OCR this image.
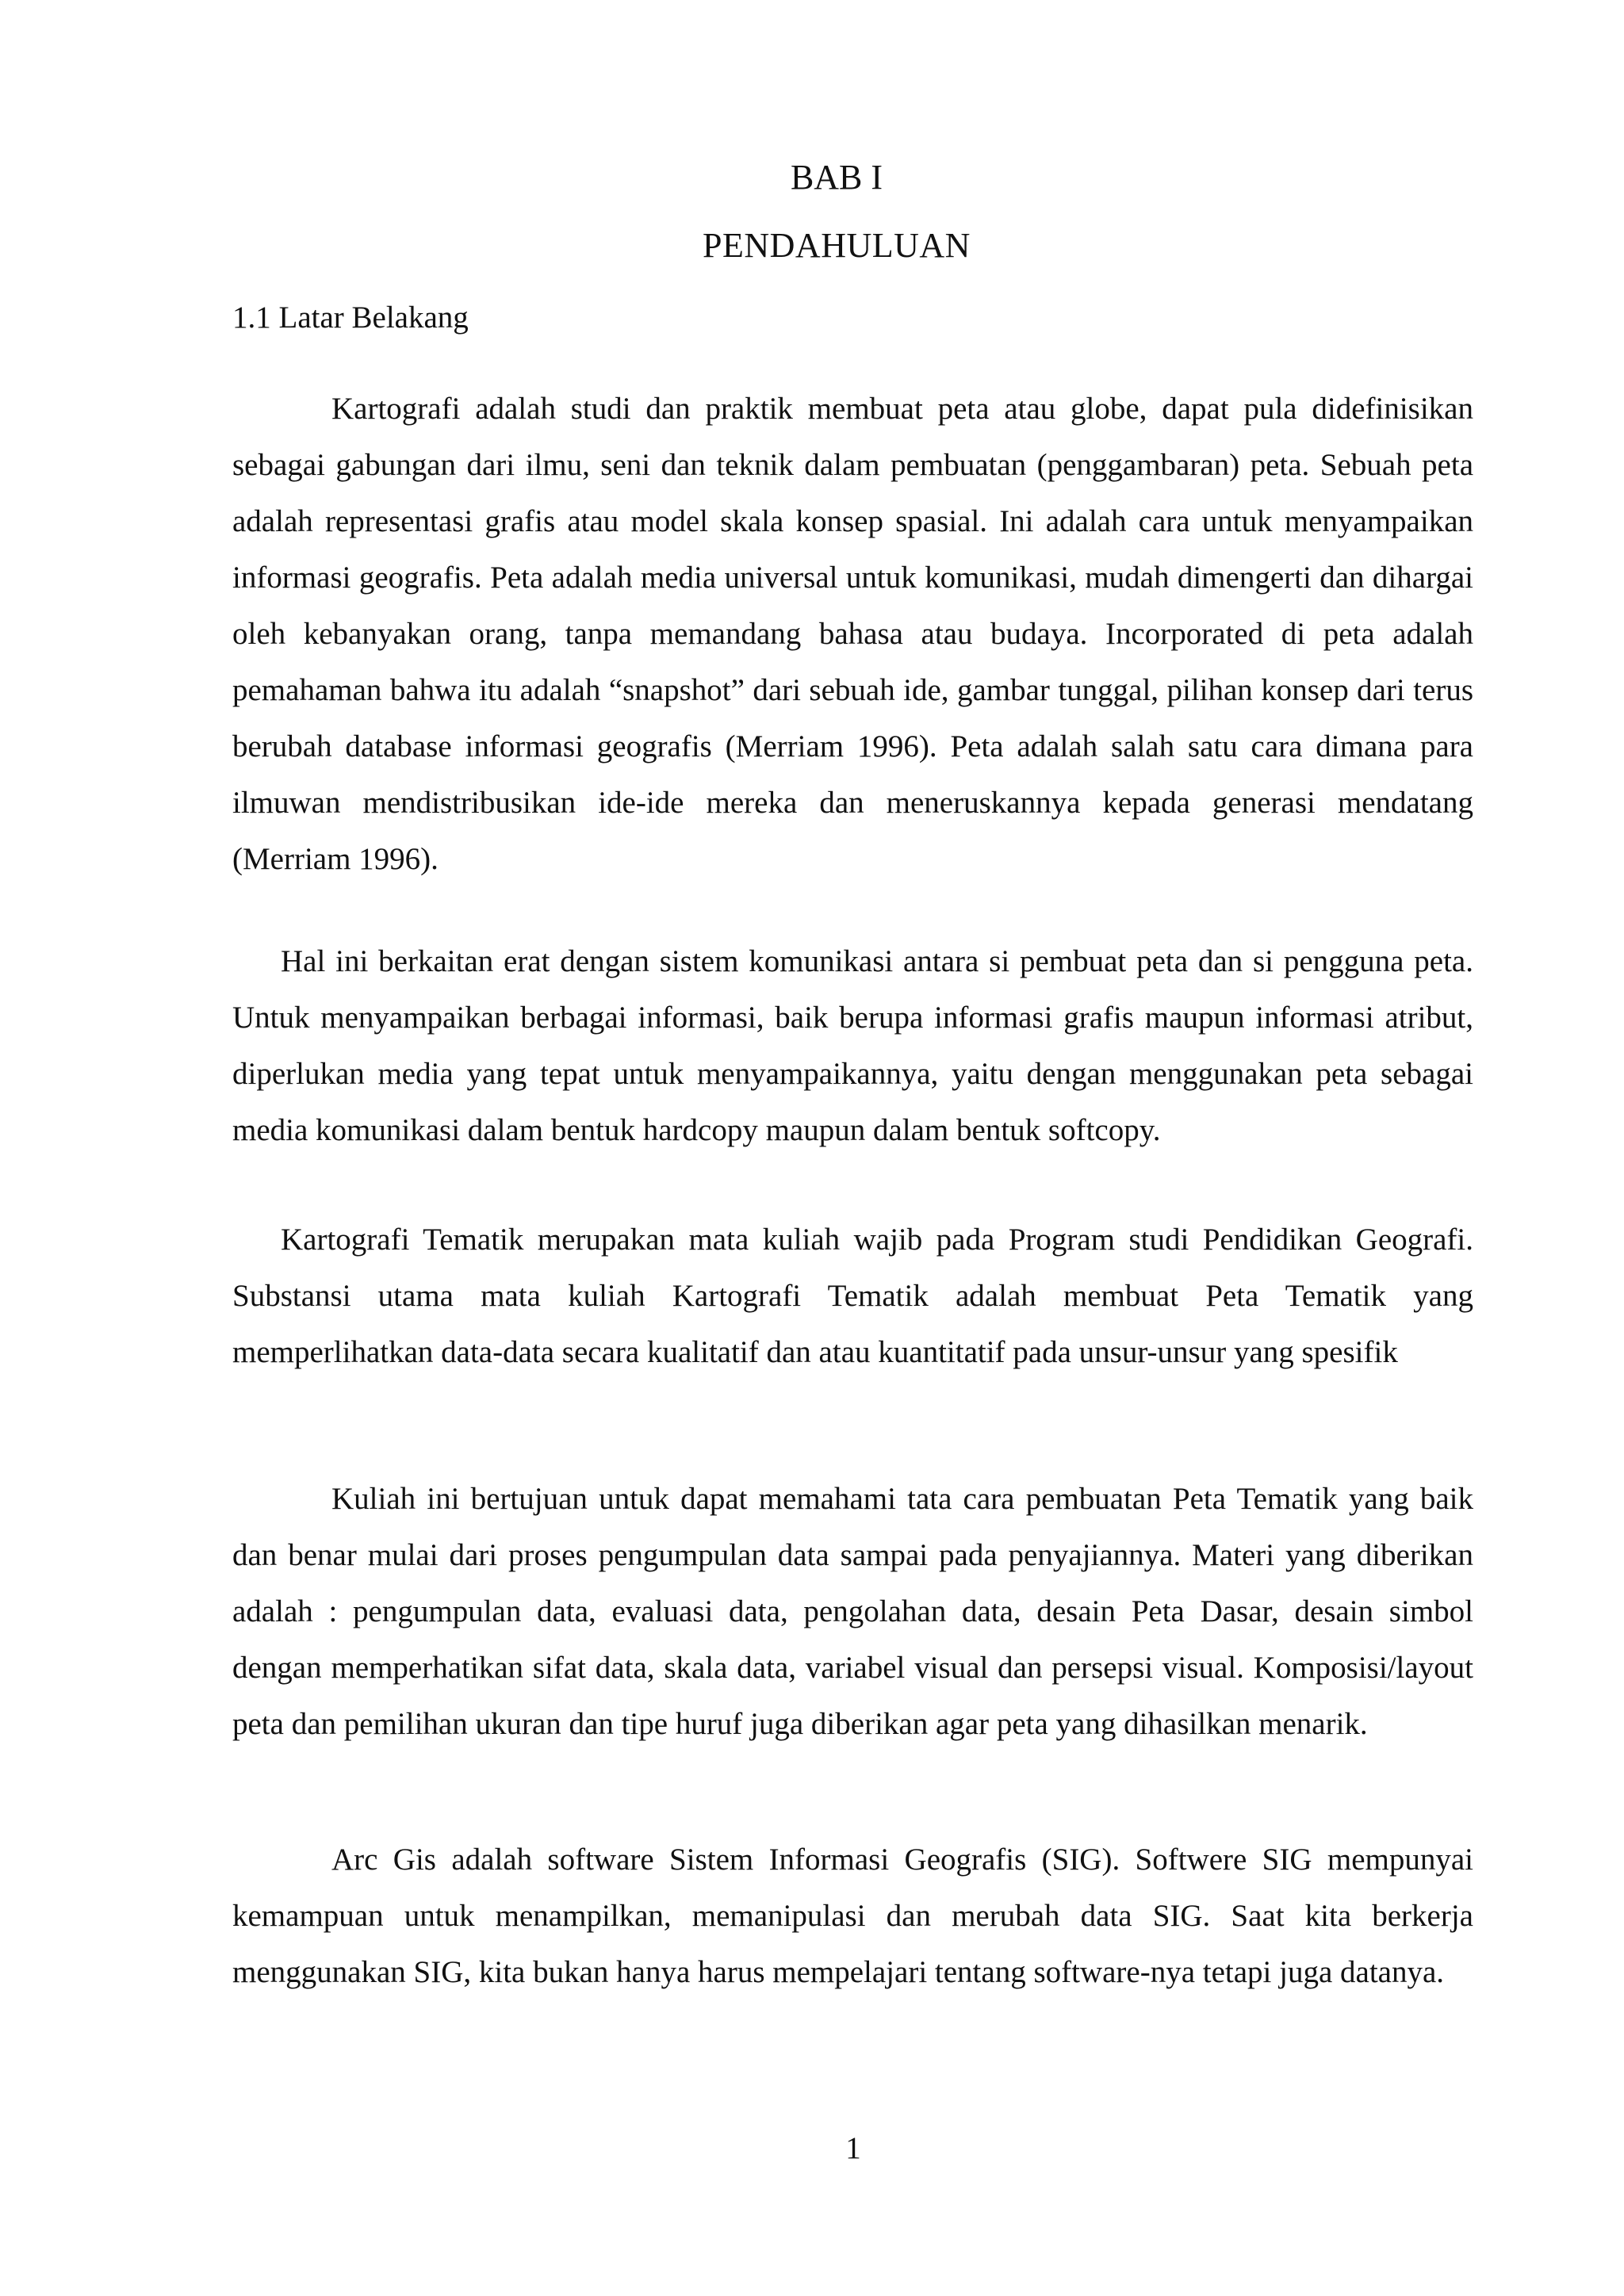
BAB I
PENDAHULUAN
1.1 Latar Belakang

Kartografi adalah studi dan praktik membuat peta atau globe, dapat pula didefinisikan sebagai gabungan dari ilmu, seni dan teknik dalam pembuatan (penggambaran) peta. Sebuah peta adalah representasi grafis atau model skala konsep spasial. Ini adalah cara untuk menyampaikan informasi geografis. Peta adalah media universal untuk komunikasi, mudah dimengerti dan dihargai oleh kebanyakan orang, tanpa memandang bahasa atau budaya. Incorporated di peta adalah pemahaman bahwa itu adalah “snapshot” dari sebuah ide, gambar tunggal, pilihan konsep dari terus berubah database informasi geografis (Merriam 1996). Peta adalah salah satu cara dimana para ilmuwan mendistribusikan ide-ide mereka dan meneruskannya kepada generasi mendatang (Merriam 1996).

Hal ini berkaitan erat dengan sistem komunikasi antara si pembuat peta dan si pengguna peta. Untuk menyampaikan berbagai informasi, baik berupa informasi grafis maupun informasi atribut, diperlukan media yang tepat untuk menyampaikannya, yaitu dengan menggunakan peta sebagai media komunikasi dalam bentuk hardcopy maupun dalam bentuk softcopy.

Kartografi Tematik merupakan mata kuliah wajib pada Program studi Pendidikan Geografi. Substansi utama mata kuliah Kartografi Tematik adalah membuat Peta Tematik yang memperlihatkan data-data secara kualitatif dan atau kuantitatif pada unsur-unsur yang spesifik

Kuliah ini bertujuan untuk dapat memahami tata cara pembuatan Peta Tematik yang baik dan benar mulai dari proses pengumpulan data sampai pada penyajiannya. Materi yang diberikan adalah : pengumpulan data, evaluasi data, pengolahan data, desain Peta Dasar, desain simbol dengan memperhatikan sifat data, skala data, variabel visual dan persepsi visual. Komposisi/layout peta dan pemilihan ukuran dan tipe huruf juga diberikan agar peta yang dihasilkan menarik.

Arc Gis adalah software Sistem Informasi Geografis (SIG). Softwere SIG mempunyai kemampuan untuk menampilkan, memanipulasi dan merubah data SIG. Saat kita berkerja menggunakan SIG, kita bukan hanya harus mempelajari tentang software-nya tetapi juga datanya.

1
